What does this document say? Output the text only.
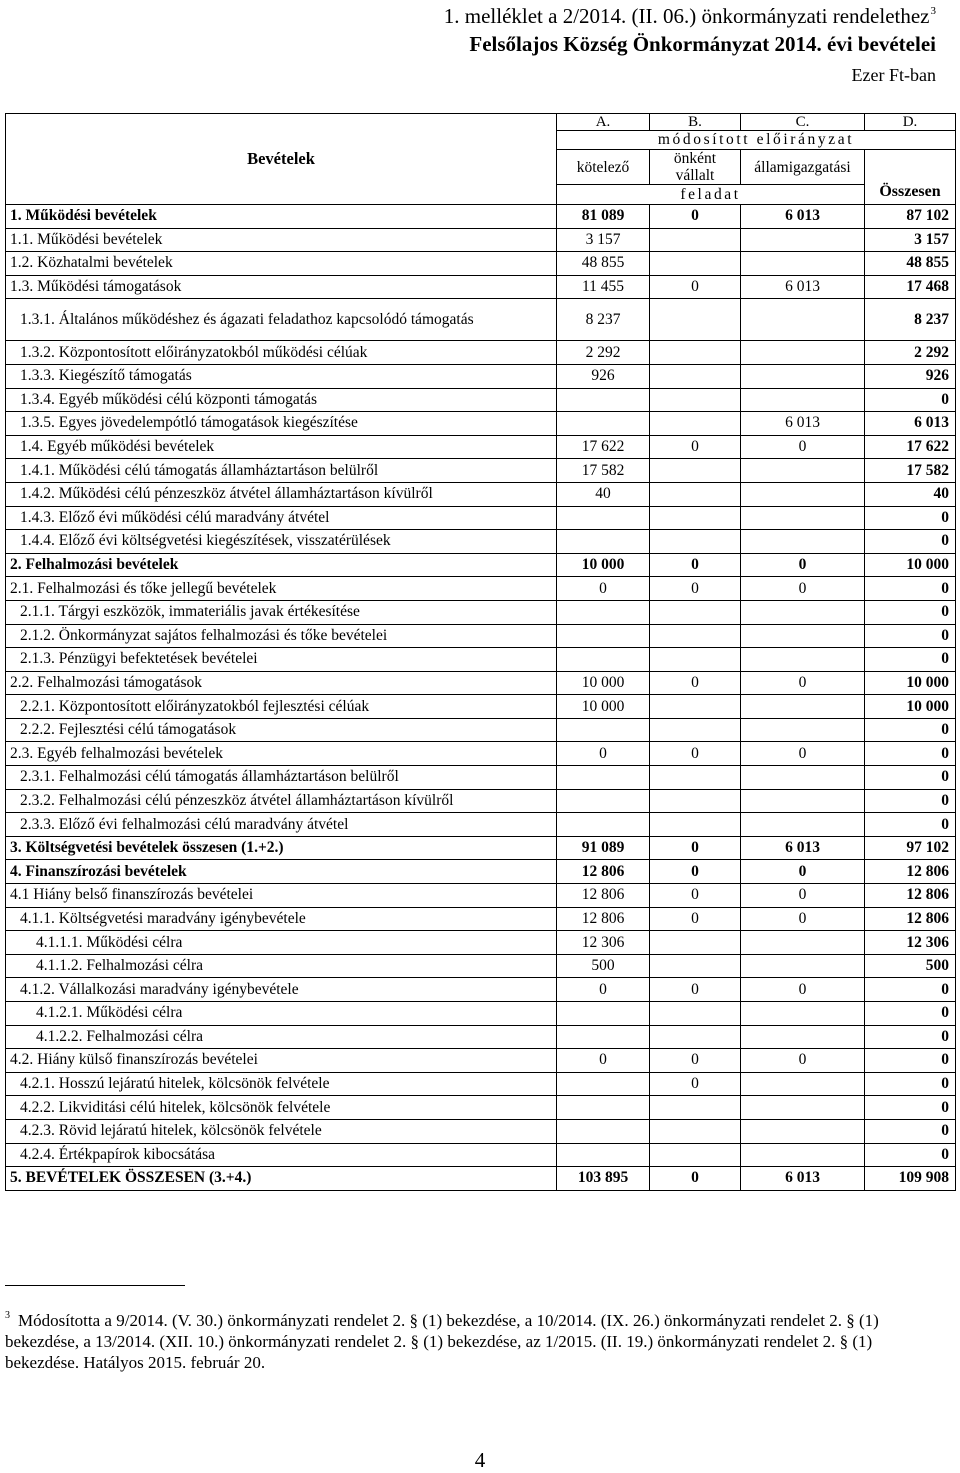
1. melléklet a 2/2014. (II. 06.) önkormányzati rendelethez$^3$
Felsőlajos Község Önkormányzat 2014. évi bevételei
Ezer Ft-ban
Bevételek	A.	B.	C.	D.
	módosított előirányzat			
	kötelező	önként vállalt	államigazgatási	Összesen
	feladat			
1. Működési bevételek	81 089	0	6 013	87 102
1.1. Működési bevételek	3 157			3 157
1.2. Közhatalmi bevételek	48 855			48 855
1.3. Működési támogatások	11 455	0	6 013	17 468
1.3.1. Általános működéshez és ágazati feladathoz kapcsolódó támogatás	8 237			8 237
1.3.2. Központosított előirányzatokból működési célúak	2 292			2 292
1.3.3. Kiegészítő támogatás	926			926
1.3.4. Egyéb működési célú központi támogatás				0
1.3.5. Egyes jövedelempótló támogatások kiegészítése			6 013	6 013
1.4. Egyéb működési bevételek	17 622	0	0	17 622
1.4.1. Működési célú támogatás államháztartáson belülről	17 582			17 582
1.4.2. Működési célú pénzeszköz átvétel államháztartáson kívülről	40			40
1.4.3. Előző évi működési célú maradvány átvétel				0
1.4.4. Előző évi költségvetési kiegészítések, visszatérülések				0
2. Felhalmozási bevételek	10 000	0	0	10 000
2.1. Felhalmozási és tőke jellegű bevételek	0	0	0	0
2.1.1. Tárgyi eszközök, immateriális javak értékesítése				0
2.1.2. Önkormányzat sajátos felhalmozási és tőke bevételei				0
2.1.3. Pénzügyi befektetések bevételei				0
2.2. Felhalmozási támogatások	10 000	0	0	10 000
2.2.1. Központosított előirányzatokból fejlesztési célúak	10 000			10 000
2.2.2. Fejlesztési célú támogatások				0
2.3. Egyéb felhalmozási bevételek	0	0	0	0
2.3.1. Felhalmozási célú támogatás államháztartáson belülről				0
2.3.2. Felhalmozási célú pénzeszköz átvétel államháztartáson kívülről				0
2.3.3. Előző évi felhalmozási célú maradvány átvétel				0
3. Költségvetési bevételek összesen (1.+2.)	91 089	0	6 013	97 102
4. Finanszírozási bevételek	12 806	0	0	12 806
4.1 Hiány belső finanszírozás bevételei	12 806	0	0	12 806
4.1.1. Költségvetési maradvány igénybevétele	12 806	0	0	12 806
4.1.1.1. Működési célra	12 306			12 306
4.1.1.2. Felhalmozási célra	500			500
4.1.2. Vállalkozási maradvány igénybevétele	0	0	0	0
4.1.2.1. Működési célra				0
4.1.2.2. Felhalmozási célra				0
4.2. Hiány külső finanszírozás bevételei	0	0	0	0
4.2.1. Hosszú lejáratú hitelek, kölcsönök felvétele		0		0
4.2.2. Likviditási célú hitelek, kölcsönök felvétele				0
4.2.3. Rövid lejáratú hitelek, kölcsönök felvétele				0
4.2.4. Értékpapírok kibocsátása				0
5. BEVÉTELEK ÖSSZESEN (3.+4.)	103 895	0	6 013	109 908
$^3$ Módosította a 9/2014. (V. 30.) önkormányzati rendelet 2. § (1) bekezdése, a 10/2014. (IX. 26.) önkormányzati rendelet 2. § (1) bekezdése, a 13/2014. (XII. 10.) önkormányzati rendelet 2. § (1) bekezdése, az 1/2015. (II. 19.) önkormányzati rendelet 2. § (1) bekezdése. Hatályos 2015. február 20.
4
